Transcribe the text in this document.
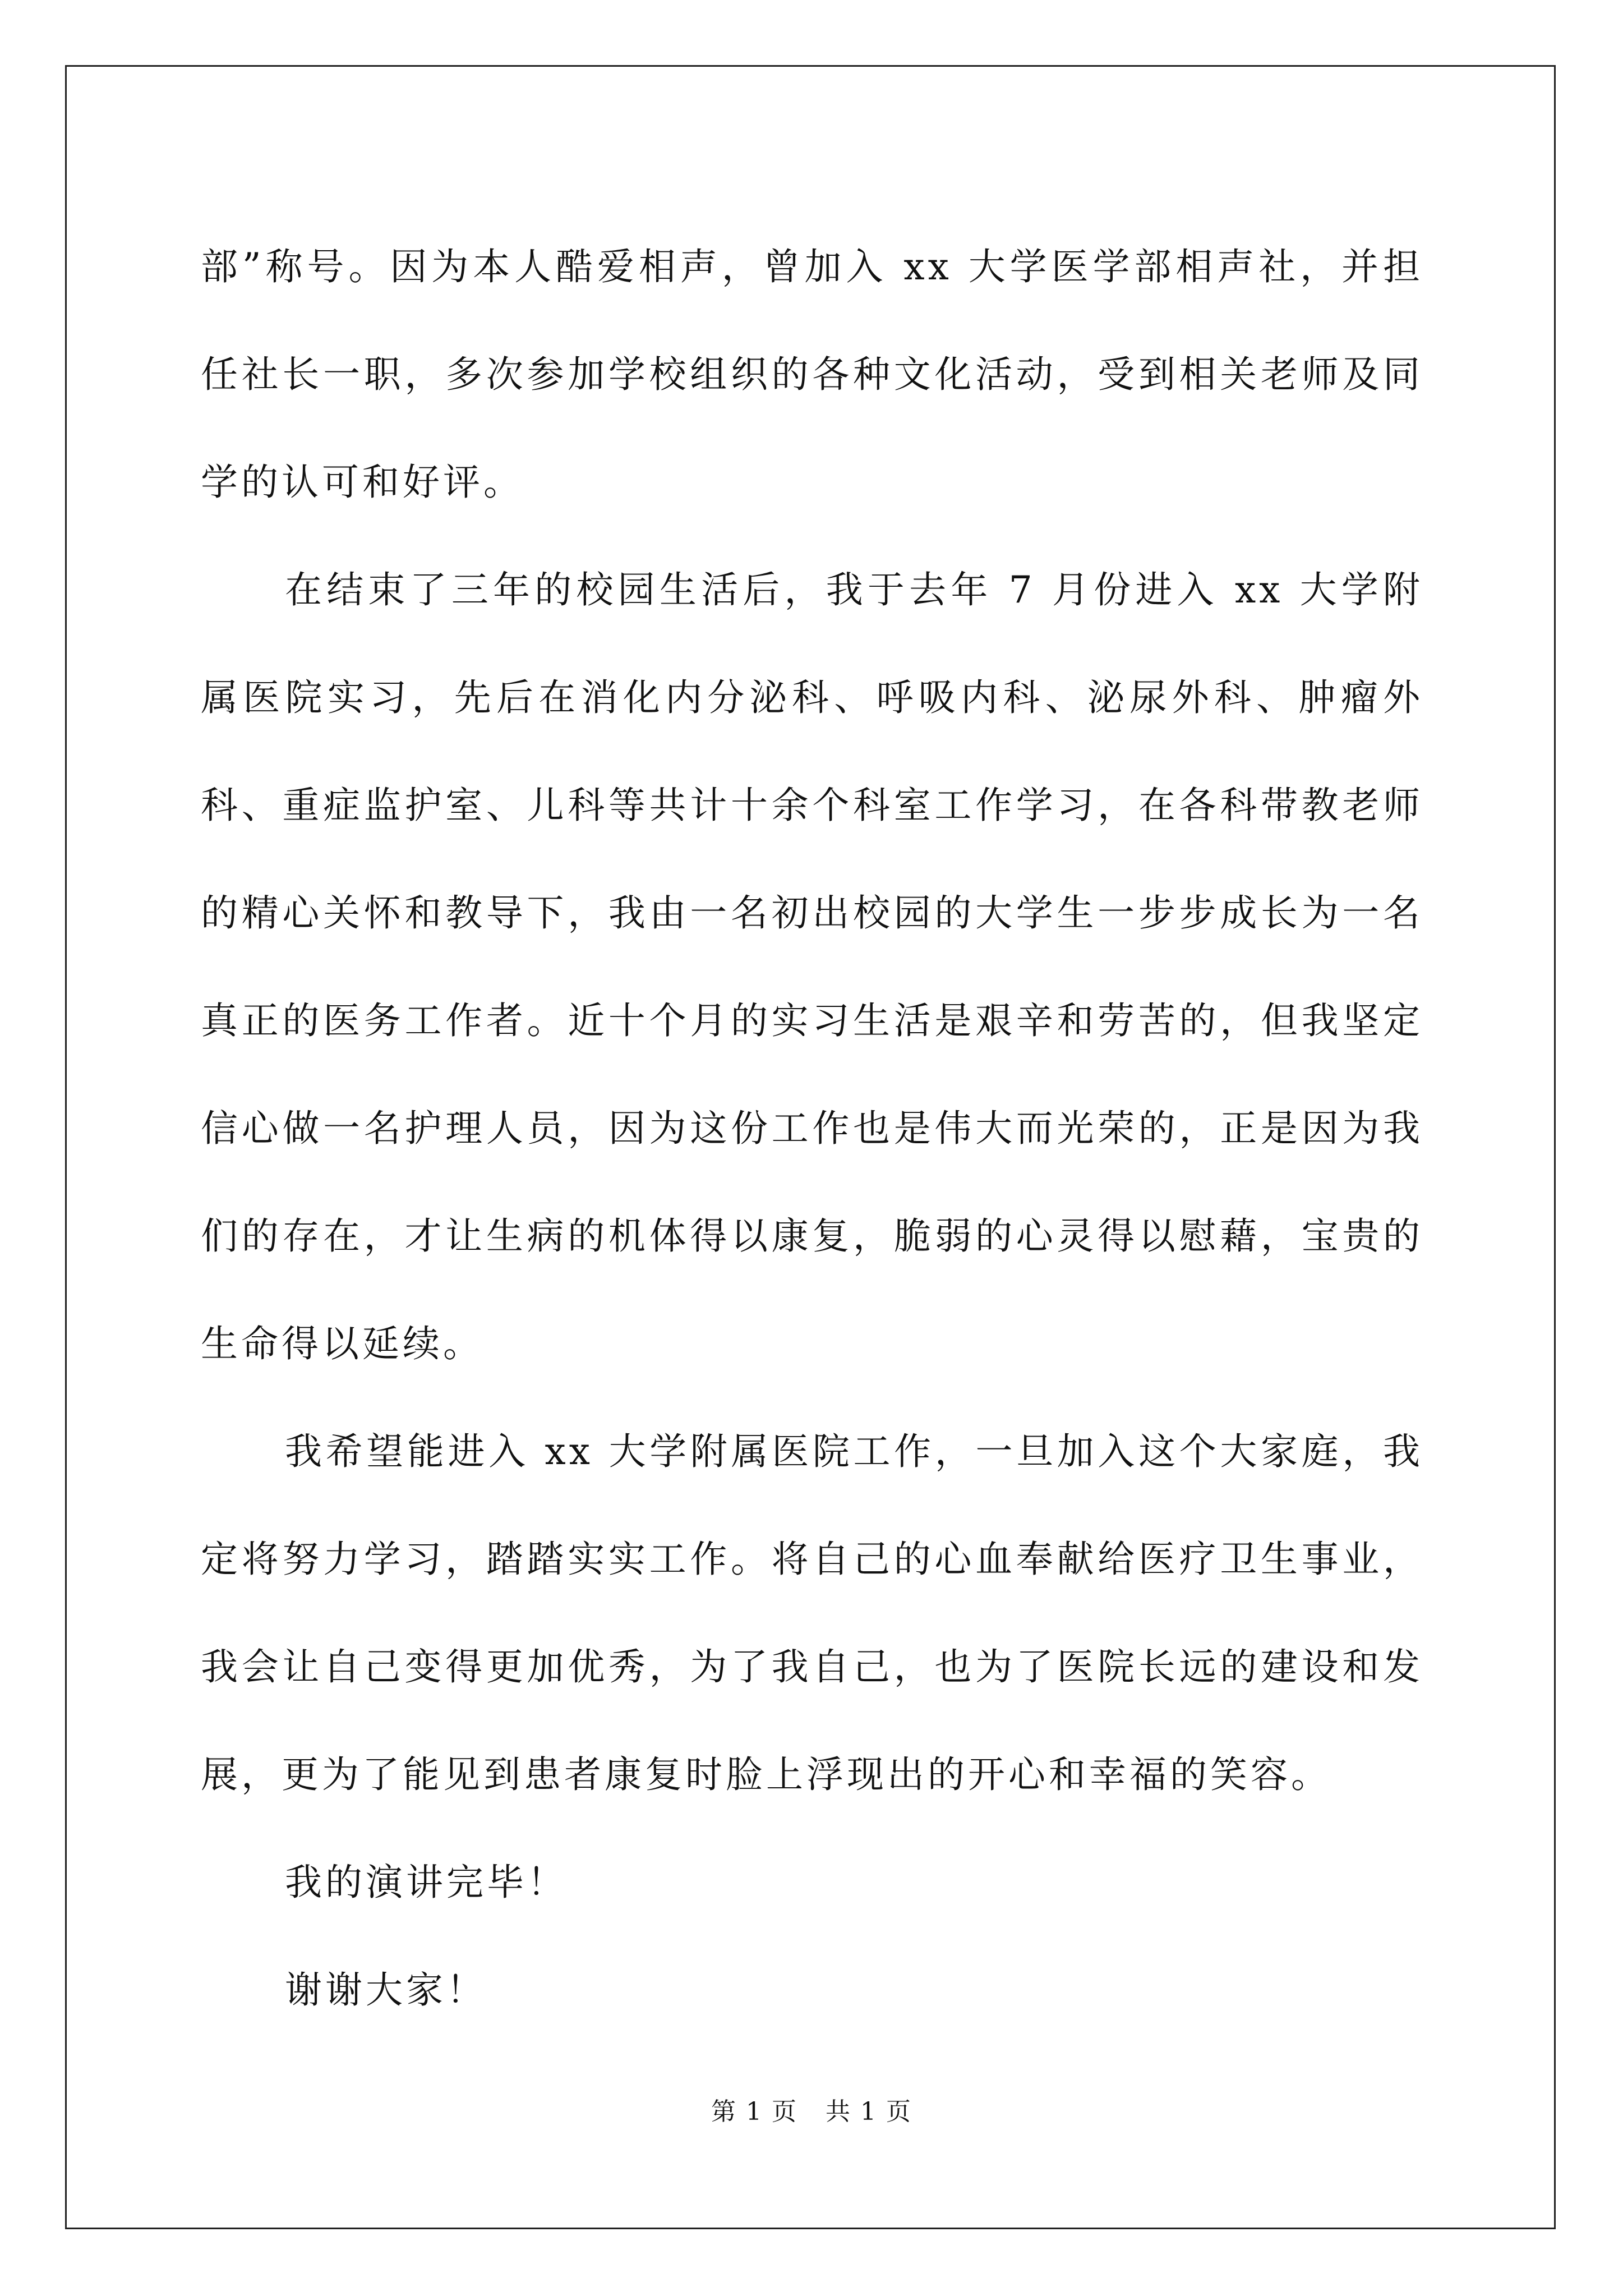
部”称号。因为本人酷爱相声，曾加入 xx 大学医学部相声社，并担任社长一职，多次参加学校组织的各种文化活动，受到相关老师及同学的认可和好评。

在结束了三年的校园生活后，我于去年 7 月份进入 xx 大学附属医院实习，先后在消化内分泌科、呼吸内科、泌尿外科、肿瘤外科、重症监护室、儿科等共计十余个科室工作学习，在各科带教老师的精心关怀和教导下，我由一名初出校园的大学生一步步成长为一名真正的医务工作者。近十个月的实习生活是艰辛和劳苦的，但我坚定信心做一名护理人员，因为这份工作也是伟大而光荣的，正是因为我们的存在，才让生病的机体得以康复，脆弱的心灵得以慰藉，宝贵的生命得以延续。

我希望能进入 xx 大学附属医院工作，一旦加入这个大家庭，我定将努力学习，踏踏实实工作。将自己的心血奉献给医疗卫生事业，我会让自己变得更加优秀，为了我自己，也为了医院长远的建设和发展，更为了能见到患者康复时脸上浮现出的开心和幸福的笑容。

我的演讲完毕！

谢谢大家！

第 1 页 共 1 页
